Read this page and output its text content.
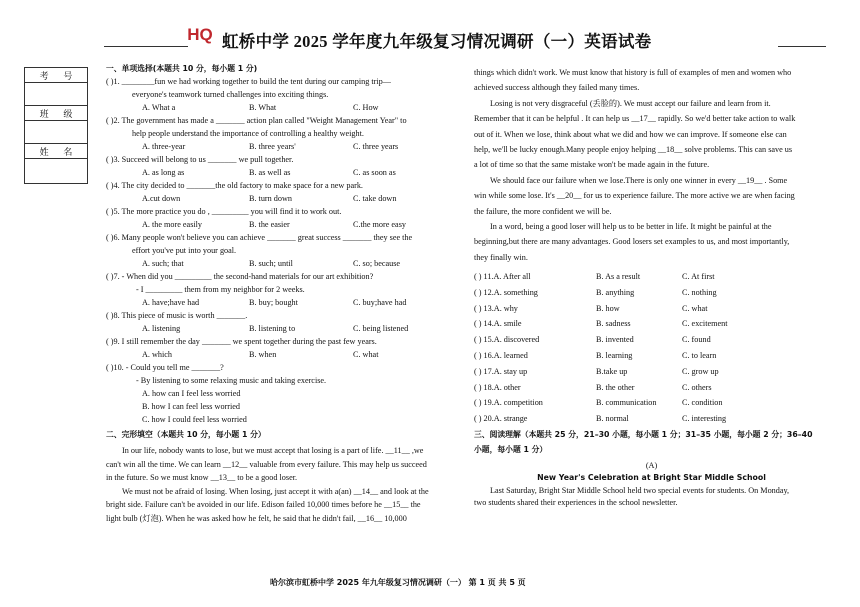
HQ 虹桥中学 2025 学年度九年级复习情况调研（一）英语试卷
考 号

班 级

姓 名

一、单项选择(本题共 10 分，每小题 1 分)
( )1. ________fun we had working together to build the tent during our camping trip—
everyone's teamwork turned challenges into exciting things.
A. What a	B. What	C. How
( )2. The government has made a _______ action plan called "Weight Management Year" to
help people understand the importance of controlling a healthy weight.
A. three-year	B. three years'	C. three years
( )3. Succeed will belong to us _______ we pull together.
A. as long as	B. as well as	C. as soon as
( )4. The city decided to _______the old factory to make space for a new park.
A.cut down	B. turn down	C. take down
( )5. The more practice you do , _________ you will find it to work out.
A. the more easily	B. the easier	C.the more easy
( )6. Many people won't believe you can achieve _______ great success _______ they see the
effort you've put into your goal.
A. such; that	B. such; until	C. so; because
( )7. - When did you _________ the second-hand materials for our art exhibition?
- I _________ them from my neighbor for 2 weeks.
A. have;have had	B. buy; bought	C. buy;have had
( )8. This piece of music is worth _______.
A. listening	B. listening to	C. being listened
( )9. I still remember the day _______ we spent together during the past few years.
A. which	B. when	C. what
( )10. - Could you tell me _______?
- By listening to some relaxing music and taking exercise.
A. how can I feel less worried
B. how I can feel less worried
C. how I could feel less worried
二、完形填空（本题共 10 分，每小题 1 分）
In our life, nobody wants to lose, but we must accept that losing is a part of life. __11__ ,we
can't win all the time. We can learn __12__ valuable from every failure. This may help us succeed
in the future. So we must know __13__ to be a good loser.
We must not be afraid of losing. When losing, just accept it with a(an) __14__ and look at the
bright side. Failure can't be avoided in our life. Edison failed 10,000 times before he __15__ the
light bulb (灯泡). When he was asked how he felt, he said that he didn't fail, __16__ 10,000
things which didn't work. We must know that history is full of examples of men and women who
achieved success although they failed many times.
Losing is not very disgraceful (丢脸的). We must accept our failure and learn from it.
Remember that it can be helpful . It can help us __17__ rapidly. So we'd better take action to walk
out of it. When we lose, think about what we did and how we can improve. If someone else can
help, we'll be lucky enough.Many people enjoy helping __18__ solve problems. This can save us
a lot of time so that the same mistake won't be made again in the future.
We should face our failure when we lose.There is only one winner in every __19__ . Some
win while some lose. It's __20__ for us to experience failure. The more active we are when facing
the failure, the more confident we will be.
In a word, being a good loser will help us to be better in life. It might be painful at the
beginning,but there are many advantages. Good losers set examples to us, and most importantly,
they finally win.
( ) 11.A. After all	B. As a result	C. At first
( ) 12.A. something	B. anything	C. nothing
( ) 13.A. why	B. how	C. what
( ) 14.A. smile	B. sadness	C. excitement
( ) 15.A. discovered	B. invented	C. found
( ) 16.A. learned	B. learning	C. to learn
( ) 17.A. stay up	B.take up	C. grow up
( ) 18.A. other	B. the other	C. others
( ) 19.A. competition	B. communication	C. condition
( ) 20.A. strange	B. normal	C. interesting
三、阅读理解（本题共 25 分，21–30 小题，每小题 1 分；31–35 小题，每小题 2 分；36–40
小题，每小题 1 分）
(A)
New Year's Celebration at Bright Star Middle School
Last Saturday, Bright Star Middle School held two special events for students. On Monday,
two students shared their experiences in the school newsletter.
哈尔滨市虹桥中学 2025 年九年级复习情况调研（一） 第 1 页 共 5 页
